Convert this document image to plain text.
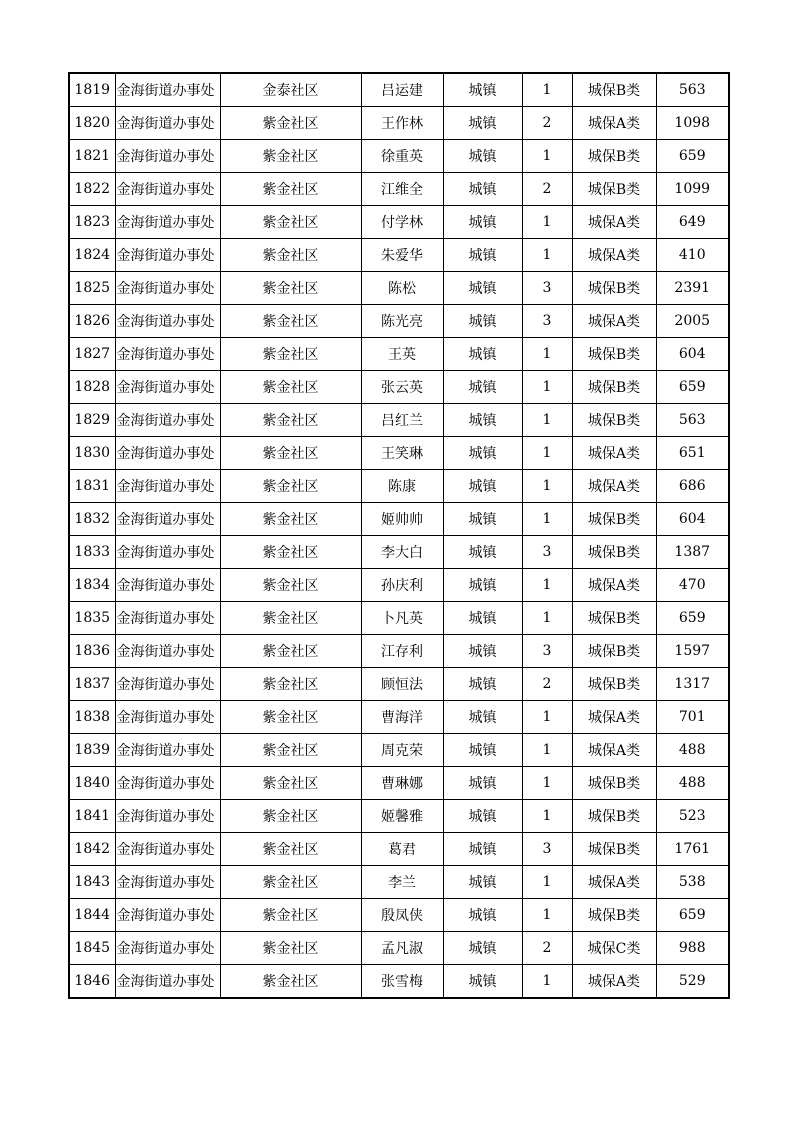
1819	金海街道办事处	金泰社区	吕运建	城镇	1	城保B类	563
1820	金海街道办事处	紫金社区	王作林	城镇	2	城保A类	1098
1821	金海街道办事处	紫金社区	徐重英	城镇	1	城保B类	659
1822	金海街道办事处	紫金社区	江维全	城镇	2	城保B类	1099
1823	金海街道办事处	紫金社区	付学林	城镇	1	城保A类	649
1824	金海街道办事处	紫金社区	朱爱华	城镇	1	城保A类	410
1825	金海街道办事处	紫金社区	陈松	城镇	3	城保B类	2391
1826	金海街道办事处	紫金社区	陈光亮	城镇	3	城保A类	2005
1827	金海街道办事处	紫金社区	王英	城镇	1	城保B类	604
1828	金海街道办事处	紫金社区	张云英	城镇	1	城保B类	659
1829	金海街道办事处	紫金社区	吕红兰	城镇	1	城保B类	563
1830	金海街道办事处	紫金社区	王笑琳	城镇	1	城保A类	651
1831	金海街道办事处	紫金社区	陈康	城镇	1	城保A类	686
1832	金海街道办事处	紫金社区	姬帅帅	城镇	1	城保B类	604
1833	金海街道办事处	紫金社区	李大白	城镇	3	城保B类	1387
1834	金海街道办事处	紫金社区	孙庆利	城镇	1	城保A类	470
1835	金海街道办事处	紫金社区	卜凡英	城镇	1	城保B类	659
1836	金海街道办事处	紫金社区	江存利	城镇	3	城保B类	1597
1837	金海街道办事处	紫金社区	顾恒法	城镇	2	城保B类	1317
1838	金海街道办事处	紫金社区	曹海洋	城镇	1	城保A类	701
1839	金海街道办事处	紫金社区	周克荣	城镇	1	城保A类	488
1840	金海街道办事处	紫金社区	曹琳娜	城镇	1	城保B类	488
1841	金海街道办事处	紫金社区	姬馨雅	城镇	1	城保B类	523
1842	金海街道办事处	紫金社区	葛君	城镇	3	城保B类	1761
1843	金海街道办事处	紫金社区	李兰	城镇	1	城保A类	538
1844	金海街道办事处	紫金社区	殷凤侠	城镇	1	城保B类	659
1845	金海街道办事处	紫金社区	孟凡淑	城镇	2	城保C类	988
1846	金海街道办事处	紫金社区	张雪梅	城镇	1	城保A类	529
